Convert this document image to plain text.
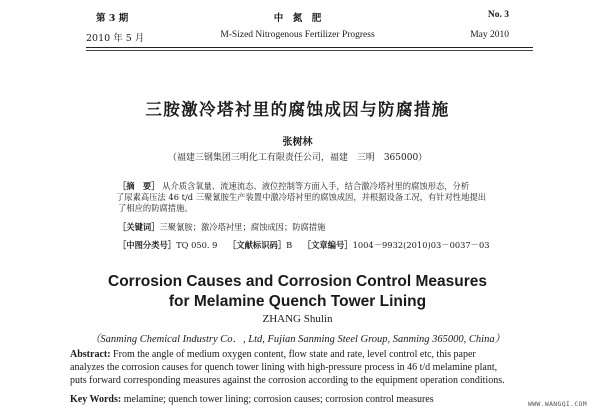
第 3 期
2010 年 5 月
中　氮　肥
M-Sized Nitrogenous Fertilizer Progress
No. 3
May 2010
三胺激冷塔衬里的腐蚀成因与防腐措施
张树林
（福建三钢集团三明化工有限责任公司，福建　三明　365000）
［摘　要］ 从介质含氧量、流速流态、液位控制等方面入手，结合激冷塔衬里的腐蚀形态，分析
了尿素高压法 46 t/d 三聚氰胺生产装置中激冷塔衬里的腐蚀成因，并根据设备工况，有针对性地提出
了相应的防腐措施。
［关键词］三聚氰胺；激冷塔衬里；腐蚀成因；防腐措施
［中图分类号］TQ 050. 9 ［文献标识码］B ［文章编号］1004－9932(2010)03－0037－03
Corrosion Causes and Corrosion Control Measures
for Melamine Quench Tower Lining
ZHANG Shulin
（Sanming Chemical Industry Co．, Ltd, Fujian Sanming Steel Group, Sanming 365000, China）
Abstract: From the angle of medium oxygen content, flow state and rate, level control etc, this paper
analyzes the corrosion causes for quench tower lining with high-pressure process in 46 t/d melamine plant,
puts forward corresponding measures against the corrosion according to the equipment operation conditions.
Key Words: melamine; quench tower lining; corrosion causes; corrosion control measures	WWW.WANGQI.COM
